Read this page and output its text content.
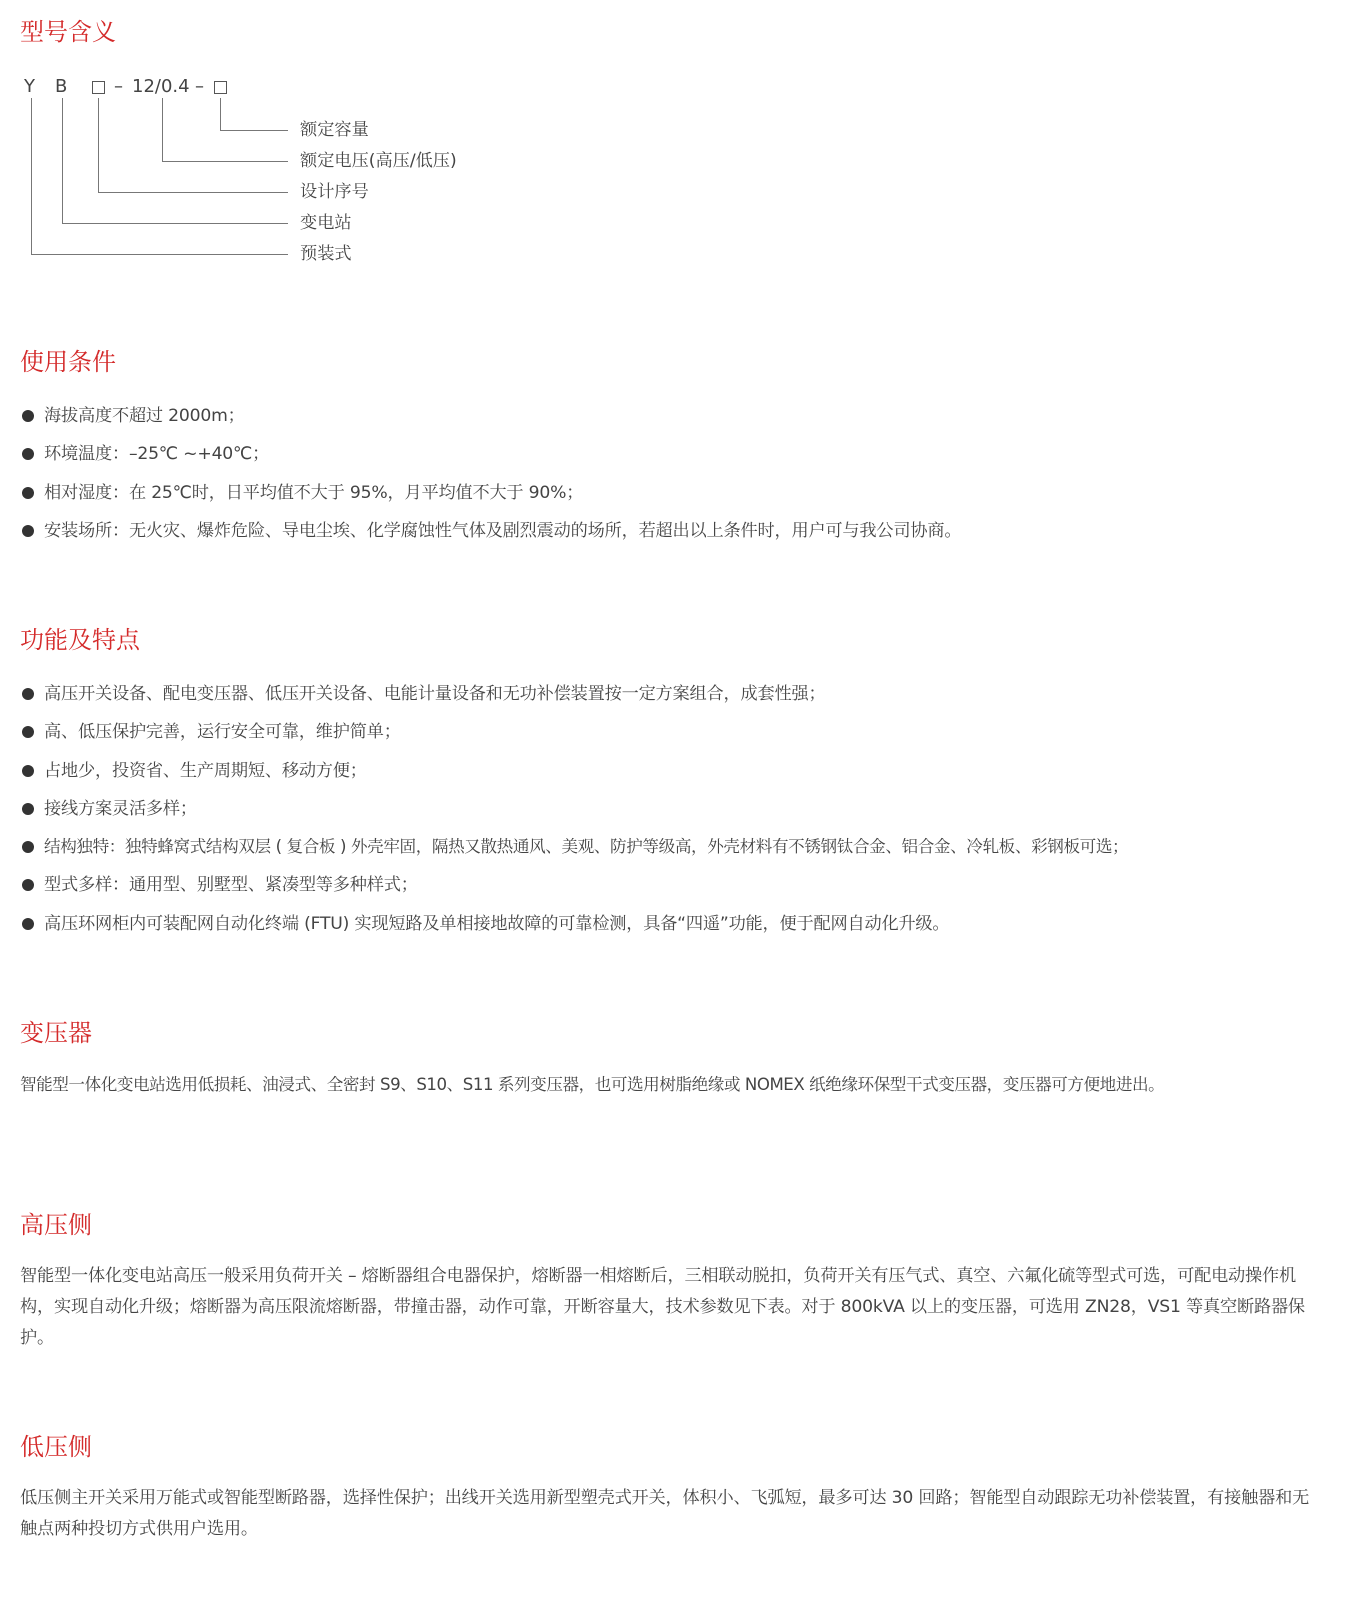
型号含义
Y B	– 12/0.4 –
额定容量
额定电压(高压/低压)
设计序号
变电站
预装式
使用条件
海拔高度不超过 2000m；
环境温度：–25℃ ~+40℃；
相对湿度：在 25℃时，日平均值不大于 95%，月平均值不大于 90%；
安装场所：无火灾、爆炸危险、导电尘埃、化学腐蚀性气体及剧烈震动的场所，若超出以上条件时，用户可与我公司协商。
功能及特点
高压开关设备、配电变压器、低压开关设备、电能计量设备和无功补偿装置按一定方案组合，成套性强；
高、低压保护完善，运行安全可靠，维护简单；
占地少，投资省、生产周期短、移动方便；
接线方案灵活多样；
结构独特：独特蜂窝式结构双层 ( 复合板 ) 外壳牢固，隔热又散热通风、美观、防护等级高，外壳材料有不锈钢钛合金、铝合金、冷轧板、彩钢板可选；
型式多样：通用型、别墅型、紧凑型等多种样式；
高压环网柜内可装配网自动化终端 (FTU) 实现短路及单相接地故障的可靠检测，具备“四遥”功能，便于配网自动化升级。
变压器

智能型一体化变电站选用低损耗、油浸式、全密封 S9、S10、S11 系列变压器，也可选用树脂绝缘或 NOMEX 纸绝缘环保型干式变压器，变压器可方便地进出。

高压侧

智能型一体化变电站高压一般采用负荷开关 – 熔断器组合电器保护，熔断器一相熔断后，三相联动脱扣，负荷开关有压气式、真空、六氟化硫等型式可选，可配电动操作机构，实现自动化升级；熔断器为高压限流熔断器，带撞击器，动作可靠，开断容量大，技术参数见下表。对于 800kVA 以上的变压器，可选用 ZN28，VS1 等真空断路器保护。

低压侧

低压侧主开关采用万能式或智能型断路器，选择性保护；出线开关选用新型塑壳式开关，体积小、飞弧短，最多可达 30 回路；智能型自动跟踪无功补偿装置，有接触器和无触点两种投切方式供用户选用。
